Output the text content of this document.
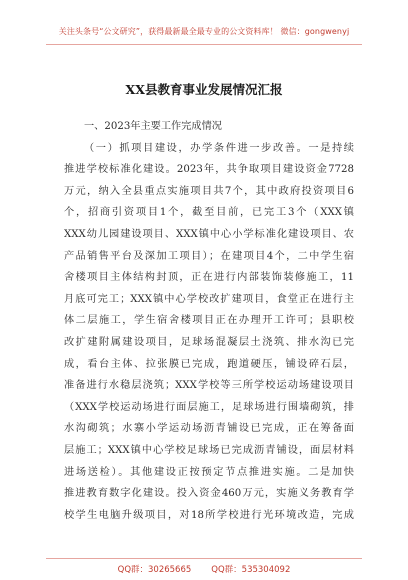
关注头条号“公文研究”，获得最新最全最专业的公文资料库！ 微信：gongwenyj
XX县教育事业发展情况汇报
一、2023年主要工作完成情况
（一）抓项目建设，办学条件进一步改善。一是持续
推进学校标准化建设。2023年，共争取项目建设资金7728
万元，纳入全县重点实施项目共7个，其中政府投资项目6
个，招商引资项目1个，截至目前，已完工3个（XXX镇
XXX幼儿园建设项目、XXX镇中心小学标准化建设项目、农
产品销售平台及深加工项目）；在建项目4个，二中学生宿
舍楼项目主体结构封顶，正在进行内部装饰装修施工，11
月底可完工；XXX镇中心学校改扩建项目，食堂正在进行主
体二层施工，学生宿舍楼项目正在办理开工许可；县职校
改扩建附属建设项目，足球场混凝层土浇筑、排水沟已完
成，看台主体、拉张膜已完成，跑道硬压，铺设碎石层，
准备进行水稳层浇筑；XXX学校等三所学校运动场建设项目
（XXX学校运动场进行面层施工，足球场进行围墙砌筑，排
水沟砌筑；水寨小学运动场沥青铺设已完成，正在筹备面
层施工；XXX镇中心学校足球场已完成沥青铺设，面层材料
进场送检）。其他建设正按预定节点推进实施。二是加快
推进教育数字化建设。投入资金460万元，实施义务教育学
校学生电脑升级项目，对18所学校进行光环境改造，完成
QQ群：30265665 QQ群：535304092
